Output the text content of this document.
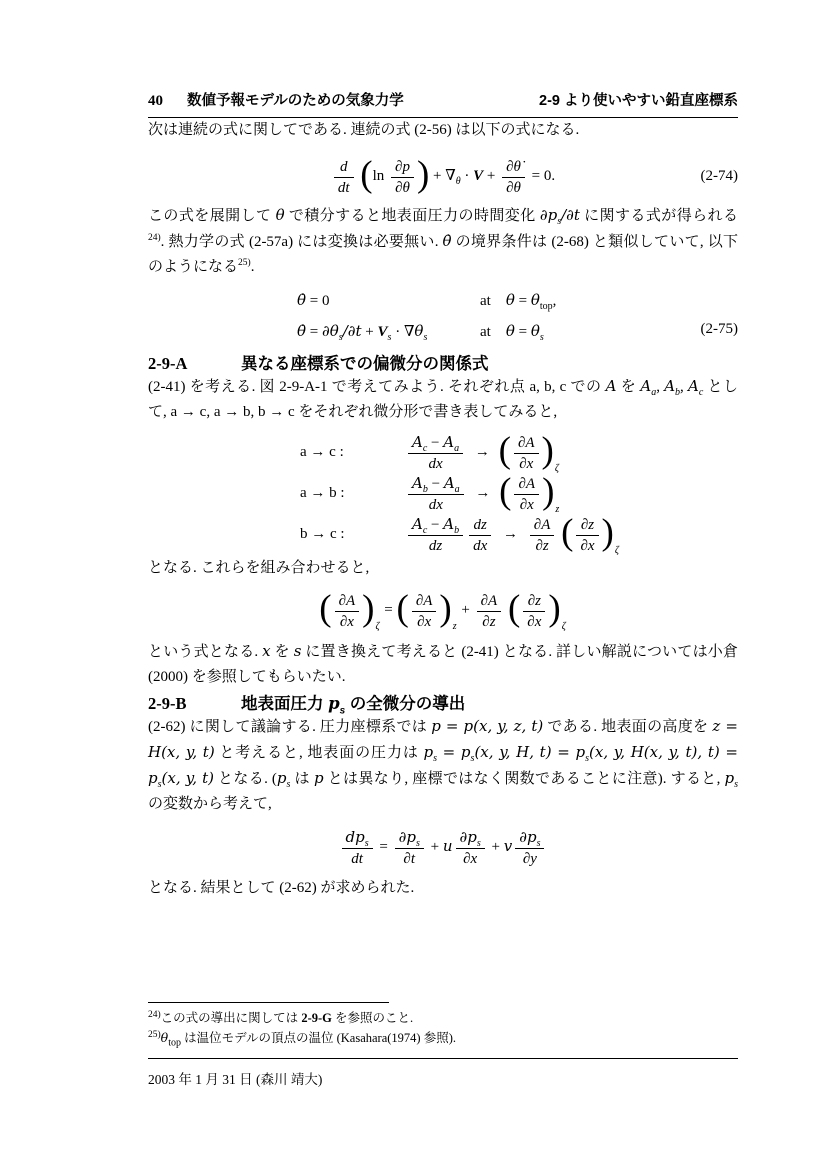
40 数値予報モデルのための気象力学	2-9 より使いやすい鉛直座標系

次は連続の式に関してである. 連続の式 (2-56) は以下の式になる.

$\frac{d}{dt} (\ln \frac{\partial p}{\partial\theta}$ ) + $\nabla_\theta \cdot V + \frac{\partial\thetȧ}{\partial\theta} = 0$.	(2-74)

この式を展開して θ で積分すると地表面圧力の時間変化 $\partial p_s/\partial t$ に関する式が得られる$^{24)}$. 熱力学の式 (2-57a) には変換は必要無い. θ̇ の境界条件は (2-68) と類似していて, 以下のようになる$^{25)}$.

θ̇ = 0	at $\theta = \theta_{top}$,
θ̇ = $\partial\theta_s/\partial t + V_s \cdot \nabla\theta_s$	at $\theta = \theta_s$
(2-75)
2-9-A	異なる座標系での偏微分の関係式

(2-41) を考える. 図 2-9-A-1 で考えてみよう. それぞれ点 a, b, c での A を $A_a$, $A_b$, $A_c$ として, a → c, a → b, b → c をそれぞれ微分形で書き表してみると,

a → c :	$\frac{A_c - A_a}{dx}$ → ( $\frac{\partial A}{\partial x} )_\zeta$
a → b :	$\frac{A_b - A_a}{dx}$ → ( $\frac{\partial A}{\partial x} )_z$
b → c :	$\frac{A_c - A_b}{dz} \frac{dz}{dx} \to \frac{\partial A}{\partial z}$ ( $\frac{\partial z}{\partial x} )_\zeta$

となる. これらを組み合わせると,

( $\frac{\partial A}{\partial x} )_\zeta$ = ( $\frac{\partial A}{\partial x} )_z + \frac{\partial A}{\partial z}$ ( $\frac{\partial z}{\partial x} )_\zeta$

という式となる. x を s に置き換えて考えると (2-41) となる. 詳しい解説については小倉 (2000) を参照してもらいたい.

2-9-B	地表面圧力 $p_s$ の全微分の導出

(2-62) に関して議論する. 圧力座標系では p = p(x, y, z, t) である. 地表面の高度を z = H(x, y, t) と考えると, 地表面の圧力は $p_s = p_s(x$, y, H, $t) = p_s(x$, y, H(x, y, t), $t) = p_s(x$, y, t) となる. ($p_s$ は p とは異なり, 座標ではなく関数であることに注意). すると, $p_s$ の変数から考えて,

$\frac{dp_s}{dt} = \frac{\partial p_s}{\partial t} + u \frac{\partial p_s}{\partial x} + v \frac{\partial p_s}{\partial y}$

となる. 結果として (2-62) が求められた.

$^{24)}$この式の導出に関しては 2-9-G を参照のこと.
$^{25)}\theta_{top}$ は温位モデルの頂点の温位 (Kasahara(1974) 参照).
2003 年 1 月 31 日 (森川 靖大)
